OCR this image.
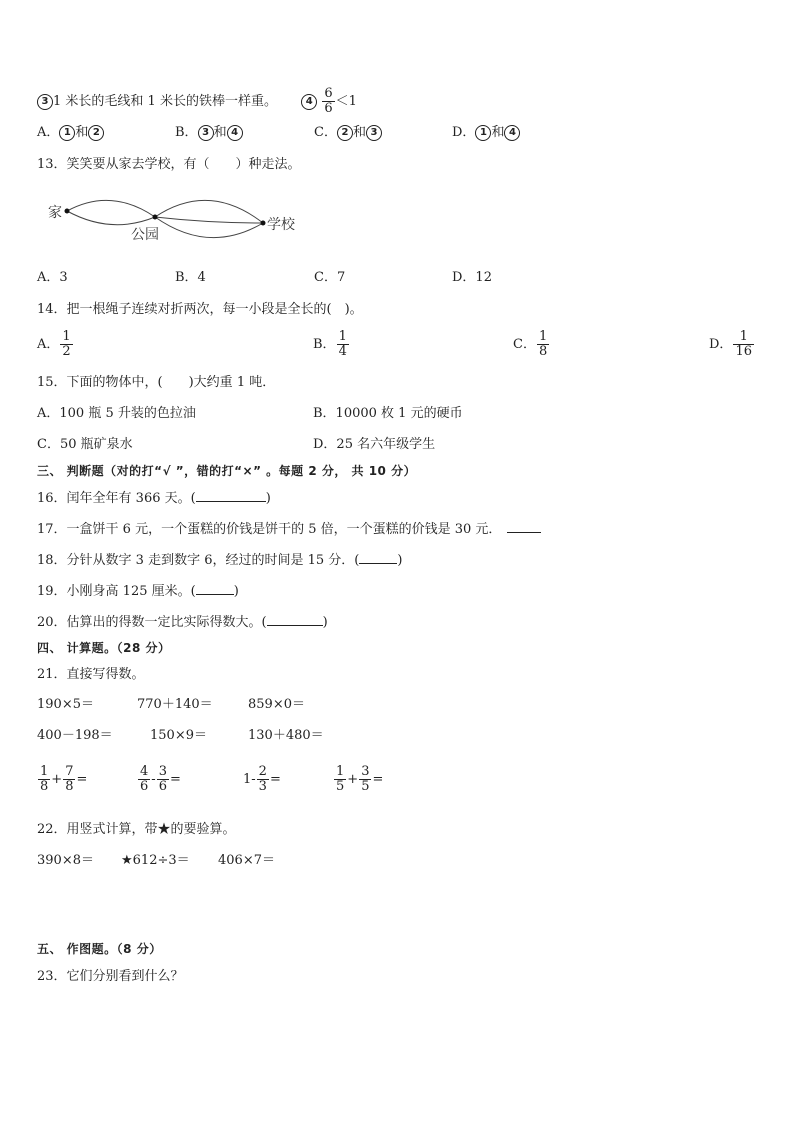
3 1 米长的毛线和 1 米长的铁棒一样重。	$4 \frac{6}{6} <1$
A． 1 和 2	B． 3 和 4	C． 2 和 3	D． 1 和 4
13．笑笑要从家去学校，有（　　）种走法。
家
公园
学校
A．3	B．4	C．7	D．12
14．把一根绳子连续对折两次，每一小段是全长的(　)。
A． $\frac{1}{2}$	B． $\frac{1}{4}$	C． $\frac{1}{8}$	D． $\frac{1}{16}$
15．下面的物体中，(　　)大约重 1 吨．
A．100 瓶 5 升装的色拉油	B．10000 枚 1 元的硬币
C．50 瓶矿泉水	D．25 名六年级学生
三、 判断题（对的打“√ ”，错的打“×” 。每题 2 分， 共 10 分）
16．闰年全年有 366 天。(	)
17．一盒饼干 6 元，一个蛋糕的价钱是饼干的 5 倍，一个蛋糕的价钱是 30 元．
18．分针从数字 3 走到数字 6，经过的时间是 15 分．(	)
19．小刚身高 125 厘米。(	)
20．估算出的得数一定比实际得数大。(	)
四、 计算题。（28 分）
21．直接写得数。
190×5＝	770＋140＝	859×0＝
400－198＝	150×9＝	130＋480＝
$\frac{1}{8} + \frac{7}{8}$ =	$\frac{4}{6} - \frac{3}{6}$ =	$1- \frac{2}{3}$ =	$\frac{1}{5} + \frac{3}{5}$ =
22．用竖式计算，带★的要验算。
390×8＝ ★612÷3＝ 406×7＝
五、 作图题。（8 分）
23．它们分别看到什么？
